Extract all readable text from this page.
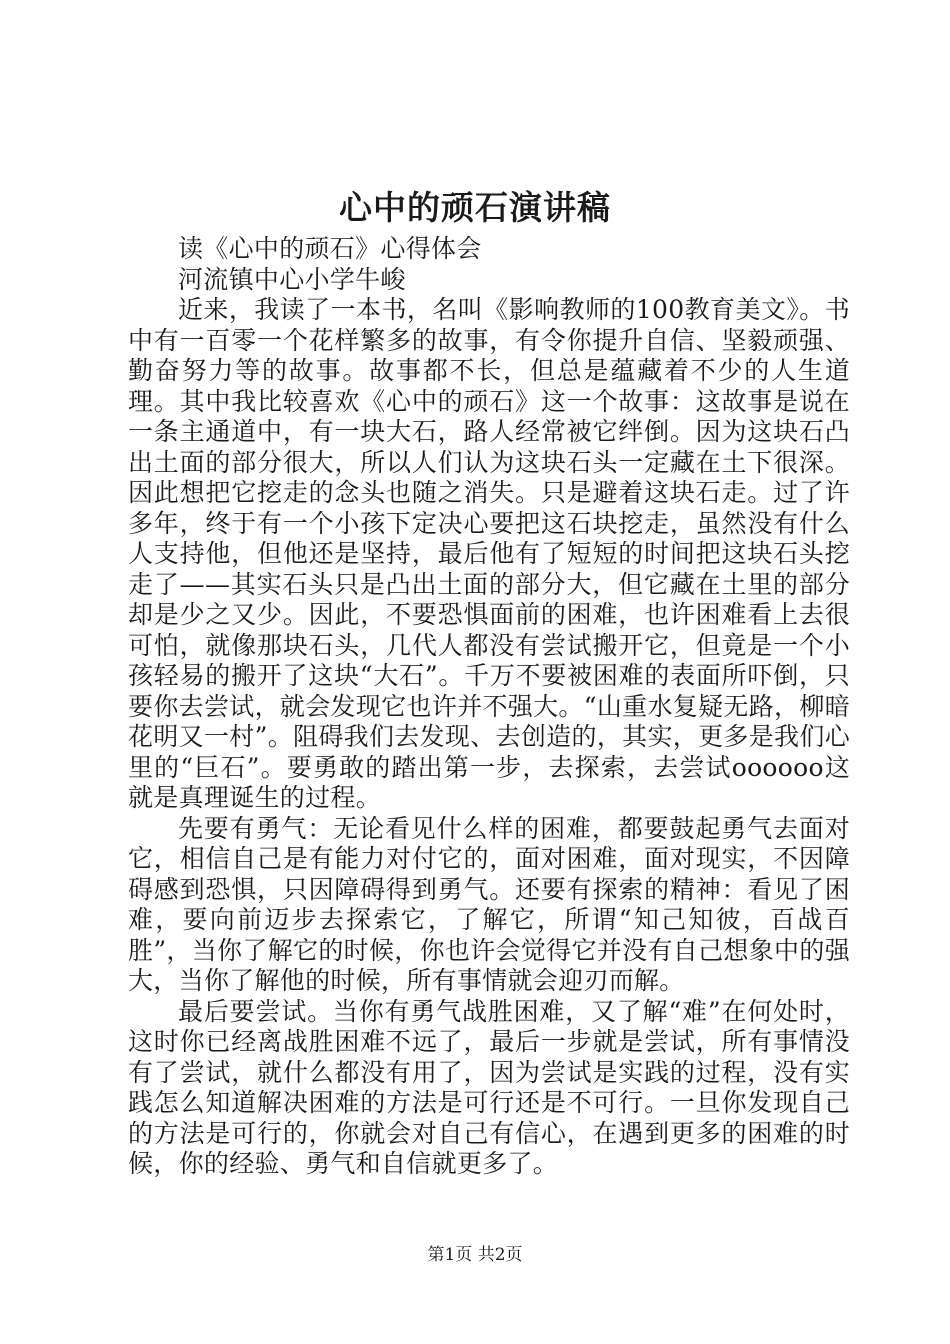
心中的顽石演讲稿

读《心中的顽石》心得体会

河流镇中心小学牛峻

近来，我读了一本书，名叫《影响教师的100教育美文》。书中有一百零一个花样繁多的故事，有令你提升自信、坚毅顽强、勤奋努力等的故事。故事都不长，但总是蕴藏着不少的人生道理。其中我比较喜欢《心中的顽石》这一个故事：这故事是说在一条主通道中，有一块大石，路人经常被它绊倒。因为这块石凸出土面的部分很大，所以人们认为这块石头一定藏在土下很深。因此想把它挖走的念头也随之消失。只是避着这块石走。过了许多年，终于有一个小孩下定决心要把这石块挖走，虽然没有什么人支持他，但他还是坚持，最后他有了短短的时间把这块石头挖走了——其实石头只是凸出土面的部分大，但它藏在土里的部分却是少之又少。因此，不要恐惧面前的困难，也许困难看上去很可怕，就像那块石头，几代人都没有尝试搬开它，但竟是一个小孩轻易的搬开了这块“大石”。千万不要被困难的表面所吓倒，只要你去尝试，就会发现它也许并不强大。“山重水复疑无路，柳暗花明又一村”。阻碍我们去发现、去创造的，其实，更多是我们心里的“巨石”。要勇敢的踏出第一步，去探索，去尝试oooooo这就是真理诞生的过程。

先要有勇气：无论看见什么样的困难，都要鼓起勇气去面对它，相信自己是有能力对付它的，面对困难，面对现实，不因障碍感到恐惧，只因障碍得到勇气。还要有探索的精神：看见了困难，要向前迈步去探索它，了解它，所谓“知己知彼，百战百胜”，当你了解它的时候，你也许会觉得它并没有自己想象中的强大，当你了解他的时候，所有事情就会迎刃而解。

最后要尝试。当你有勇气战胜困难，又了解“难”在何处时，这时你已经离战胜困难不远了，最后一步就是尝试，所有事情没有了尝试，就什么都没有用了，因为尝试是实践的过程，没有实践怎么知道解决困难的方法是可行还是不可行。一旦你发现自己的方法是可行的，你就会对自己有信心，在遇到更多的困难的时候，你的经验、勇气和自信就更多了。

第1页 共2页
